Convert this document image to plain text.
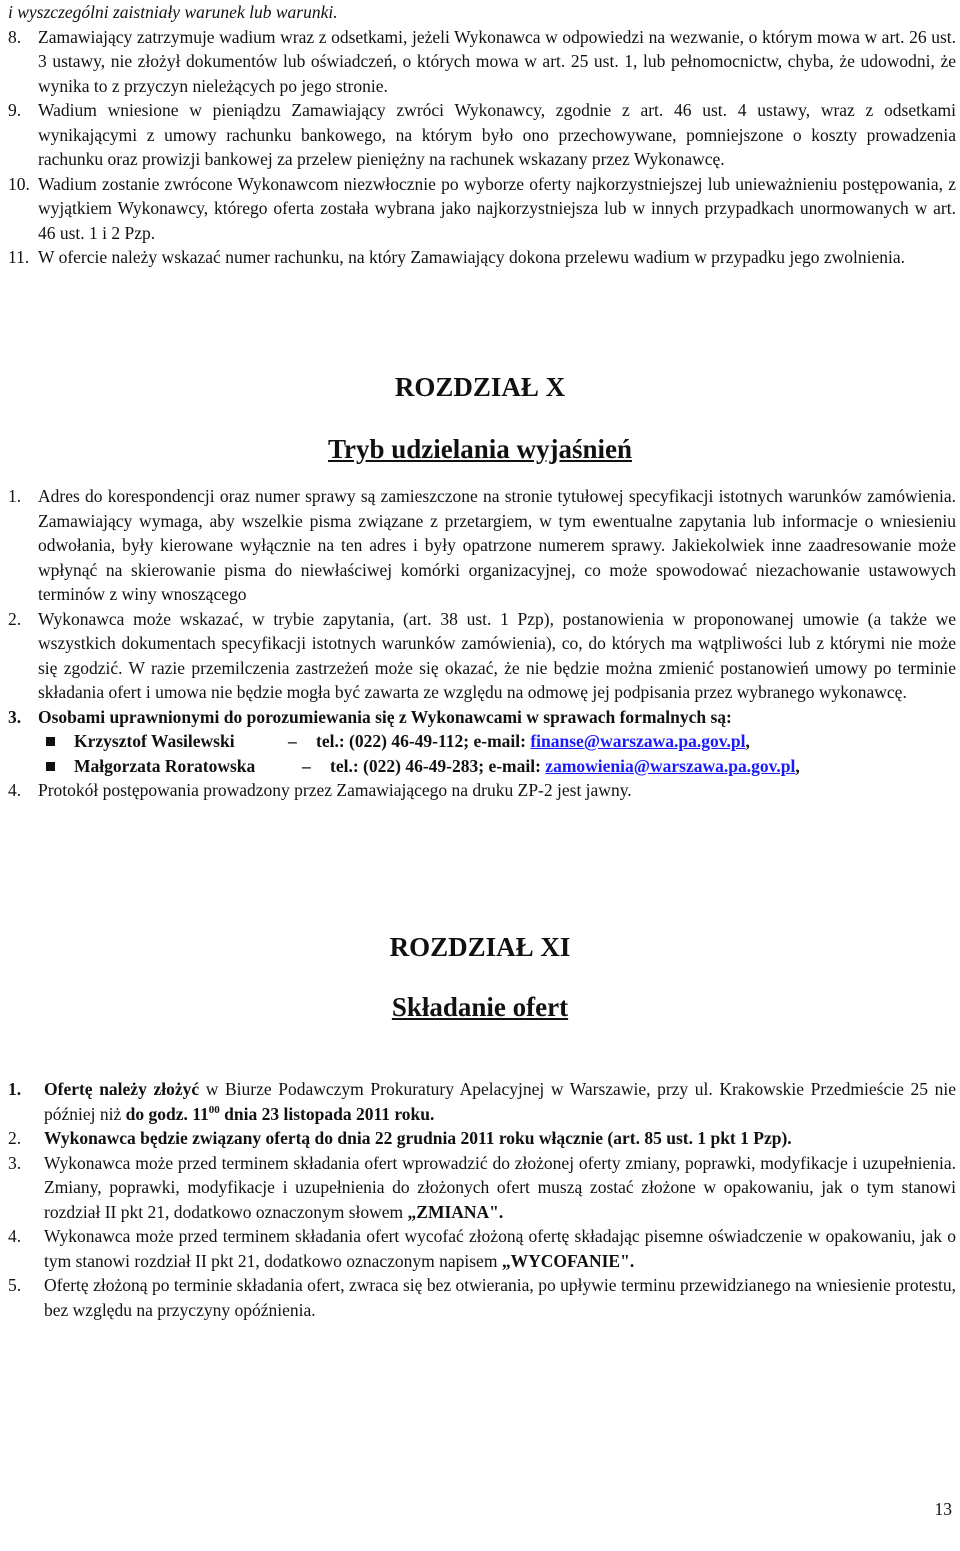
i wyszczególni zaistniały warunek lub warunki.

8. Zamawiający zatrzymuje wadium wraz z odsetkami, jeżeli Wykonawca w odpowiedzi na wezwanie, o którym mowa w art. 26 ust. 3 ustawy, nie złożył dokumentów lub oświadczeń, o których mowa w art. 25 ust. 1, lub pełnomocnictw, chyba, że udowodni, że wynika to z przyczyn nieleżących po jego stronie.
9. Wadium wniesione w pieniądzu Zamawiający zwróci Wykonawcy, zgodnie z art. 46 ust. 4 ustawy, wraz z odsetkami wynikającymi z umowy rachunku bankowego, na którym było ono przechowywane, pomniejszone o koszty prowadzenia rachunku oraz prowizji bankowej za przelew pieniężny na rachunek wskazany przez Wykonawcę.
10. Wadium zostanie zwrócone Wykonawcom niezwłocznie po wyborze oferty najkorzystniejszej lub unieważnieniu postępowania, z wyjątkiem Wykonawcy, którego oferta została wybrana jako najkorzystniejsza lub w innych przypadkach unormowanych w art. 46 ust. 1 i 2 Pzp.
11. W ofercie należy wskazać numer rachunku, na który Zamawiający dokona przelewu wadium w przypadku jego zwolnienia.
ROZDZIAŁ X
Tryb udzielania wyjaśnień
1. Adres do korespondencji oraz numer sprawy są zamieszczone na stronie tytułowej specyfikacji istotnych warunków zamówienia. Zamawiający wymaga, aby wszelkie pisma związane z przetargiem, w tym ewentualne zapytania lub informacje o wniesieniu odwołania, były kierowane wyłącznie na ten adres i były opatrzone numerem sprawy. Jakiekolwiek inne zaadresowanie może wpłynąć na skierowanie pisma do niewłaściwej komórki organizacyjnej, co może spowodować niezachowanie ustawowych terminów z winy wnoszącego
2. Wykonawca może wskazać, w trybie zapytania, (art. 38 ust. 1 Pzp), postanowienia w proponowanej umowie (a także we wszystkich dokumentach specyfikacji istotnych warunków zamówienia), co, do których ma wątpliwości lub z którymi nie może się zgodzić. W razie przemilczenia zastrzeżeń może się okazać, że nie będzie można zmienić postanowień umowy po terminie składania ofert i umowa nie będzie mogła być zawarta ze względu na odmowę jej podpisania przez wybranego wykonawcę.
3. Osobami uprawnionymi do porozumiewania się z Wykonawcami w sprawach formalnych są:
Krzysztof Wasilewski	– tel.: (022) 46-49-112; e-mail: finanse@warszawa.pa.gov.pl,
Małgorzata Roratowska	– tel.: (022) 46-49-283; e-mail: zamowienia@warszawa.pa.gov.pl,
4. Protokół postępowania prowadzony przez Zamawiającego na druku ZP-2 jest jawny.
ROZDZIAŁ XI
Składanie ofert
1. Ofertę należy złożyć w Biurze Podawczym Prokuratury Apelacyjnej w Warszawie, przy ul. Krakowskie Przedmieście 25 nie później niż do godz. $11^{00}$ dnia 23 listopada 2011 roku.
2. Wykonawca będzie związany ofertą do dnia 22 grudnia 2011 roku włącznie (art. 85 ust. 1 pkt 1 Pzp).
3. Wykonawca może przed terminem składania ofert wprowadzić do złożonej oferty zmiany, poprawki, modyfikacje i uzupełnienia. Zmiany, poprawki, modyfikacje i uzupełnienia do złożonych ofert muszą zostać złożone w opakowaniu, jak o tym stanowi rozdział II pkt 21, dodatkowo oznaczonym słowem „ZMIANA".
4. Wykonawca może przed terminem składania ofert wycofać złożoną ofertę składając pisemne oświadczenie w opakowaniu, jak o tym stanowi rozdział II pkt 21, dodatkowo oznaczonym napisem „WYCOFANIE".
5. Ofertę złożoną po terminie składania ofert, zwraca się bez otwierania, po upływie terminu przewidzianego na wniesienie protestu, bez względu na przyczyny opóźnienia.
13
